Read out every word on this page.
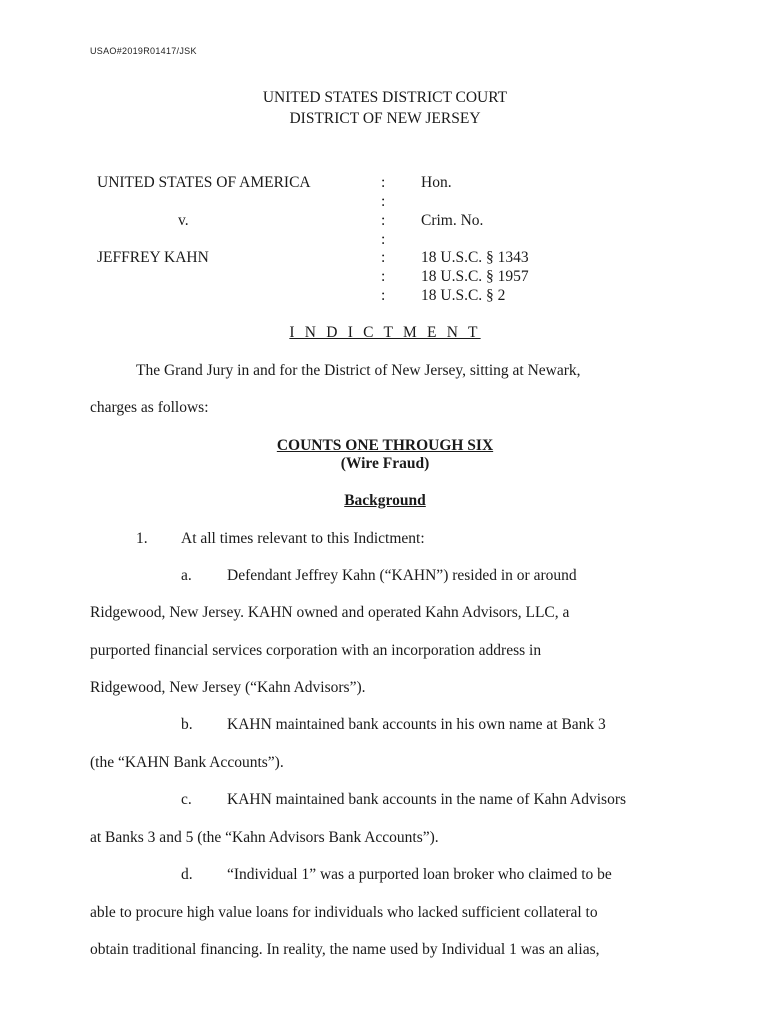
USAO#2019R01417/JSK
UNITED STATES DISTRICT COURT
DISTRICT OF NEW JERSEY
UNITED STATES OF AMERICA
v.
JEFFREY KAHN
:
:
:
:
:
:
:
Hon.
Crim. No.
18 U.S.C. § 1343
18 U.S.C. § 1957
18 U.S.C. § 2
I N D I C T M E N T
The Grand Jury in and for the District of New Jersey, sitting at Newark,
charges as follows:
COUNTS ONE THROUGH SIX
(Wire Fraud)
Background
1. At all times relevant to this Indictment:
a. Defendant Jeffrey Kahn (“KAHN”) resided in or around
Ridgewood, New Jersey. KAHN owned and operated Kahn Advisors, LLC, a
purported financial services corporation with an incorporation address in
Ridgewood, New Jersey (“Kahn Advisors”).
b. KAHN maintained bank accounts in his own name at Bank 3
(the “KAHN Bank Accounts”).
c. KAHN maintained bank accounts in the name of Kahn Advisors
at Banks 3 and 5 (the “Kahn Advisors Bank Accounts”).
d. “Individual 1” was a purported loan broker who claimed to be
able to procure high value loans for individuals who lacked sufficient collateral to
obtain traditional financing. In reality, the name used by Individual 1 was an alias,
